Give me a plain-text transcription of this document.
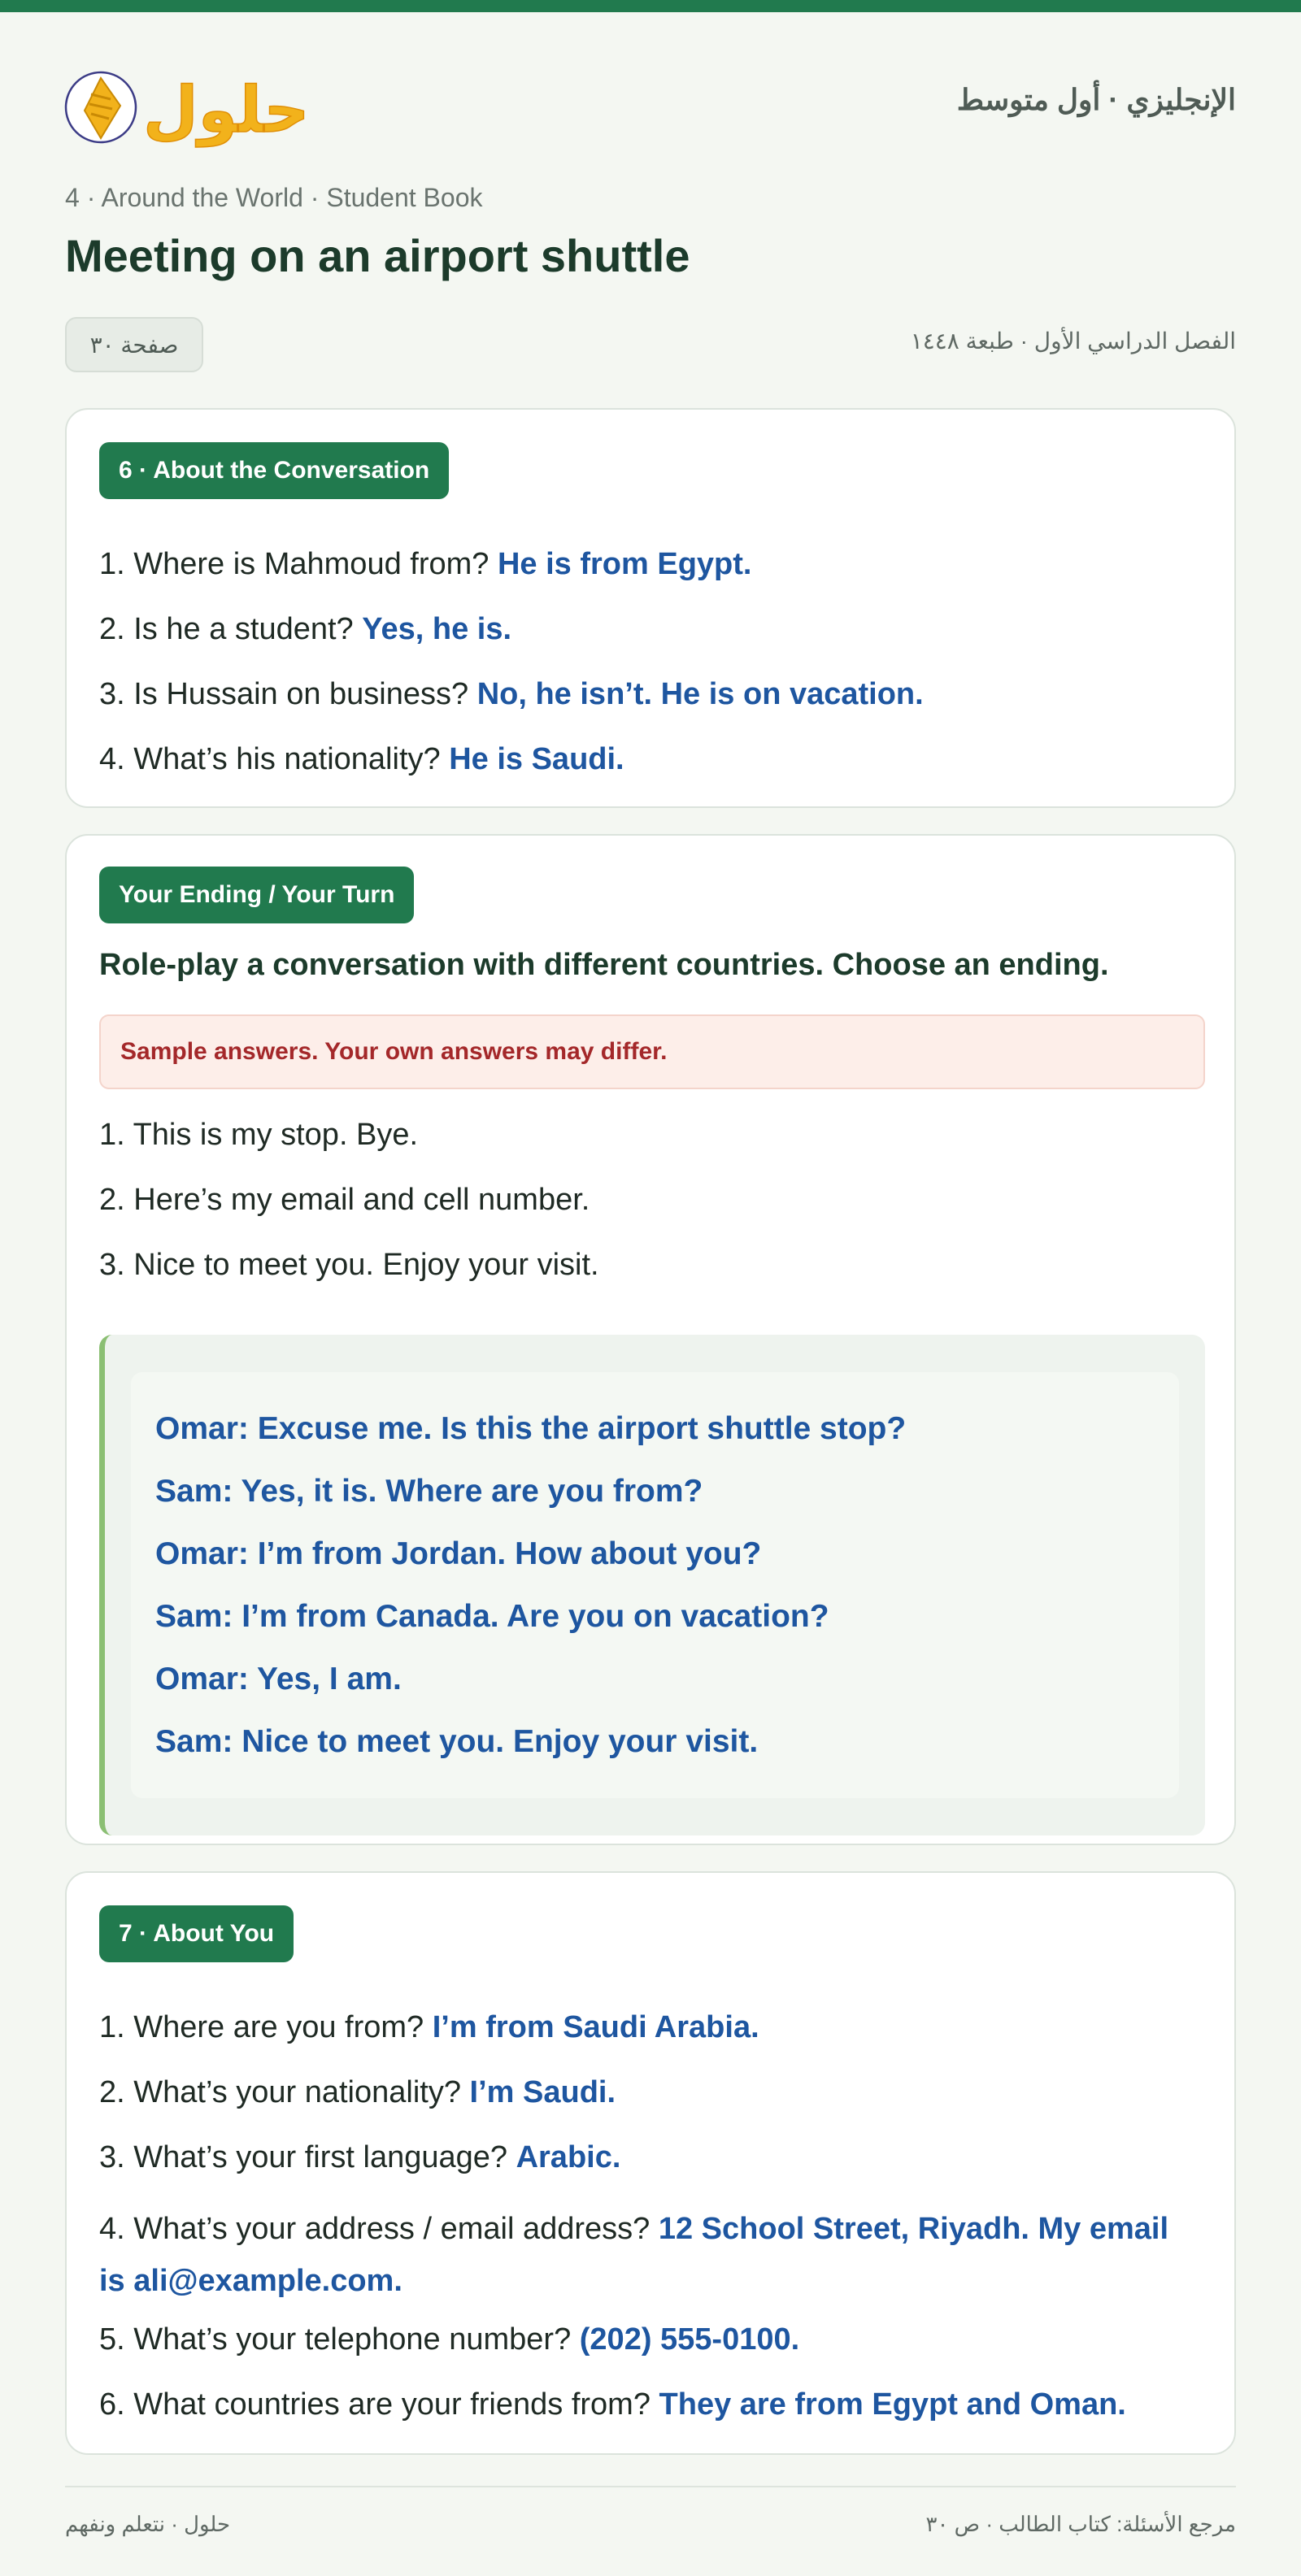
حلول	الإنجليزي · أول متوسط
4 · Around the World · Student Book
Meeting on an airport shuttle
صفحة ٣٠	الفصل الدراسي الأول · طبعة ١٤٤٨
6 · About the Conversation

1. Where is Mahmoud from? He is from Egypt.

2. Is he a student? Yes, he is.

3. Is Hussain on business? No, he isn’t. He is on vacation.

4. What’s his nationality? He is Saudi.

Your Ending / Your Turn
Role-play a conversation with different countries. Choose an ending.
Sample answers. Your own answers may differ.
1. This is my stop. Bye.
2. Here’s my email and cell number.
3. Nice to meet you. Enjoy your visit.
Omar: Excuse me. Is this the airport shuttle stop?
Sam: Yes, it is. Where are you from?
Omar: I’m from Jordan. How about you?
Sam: I’m from Canada. Are you on vacation?
Omar: Yes, I am.
Sam: Nice to meet you. Enjoy your visit.
7 · About You

1. Where are you from? I’m from Saudi Arabia.

2. What’s your nationality? I’m Saudi.

3. What’s your first language? Arabic.

4. What’s your address / email address? 12 School Street, Riyadh. My email is ali@example.com.

5. What’s your telephone number? (202) 555-0100.

6. What countries are your friends from? They are from Egypt and Oman.

حلول · نتعلم ونفهم	مرجع الأسئلة: كتاب الطالب · ص ٣٠
